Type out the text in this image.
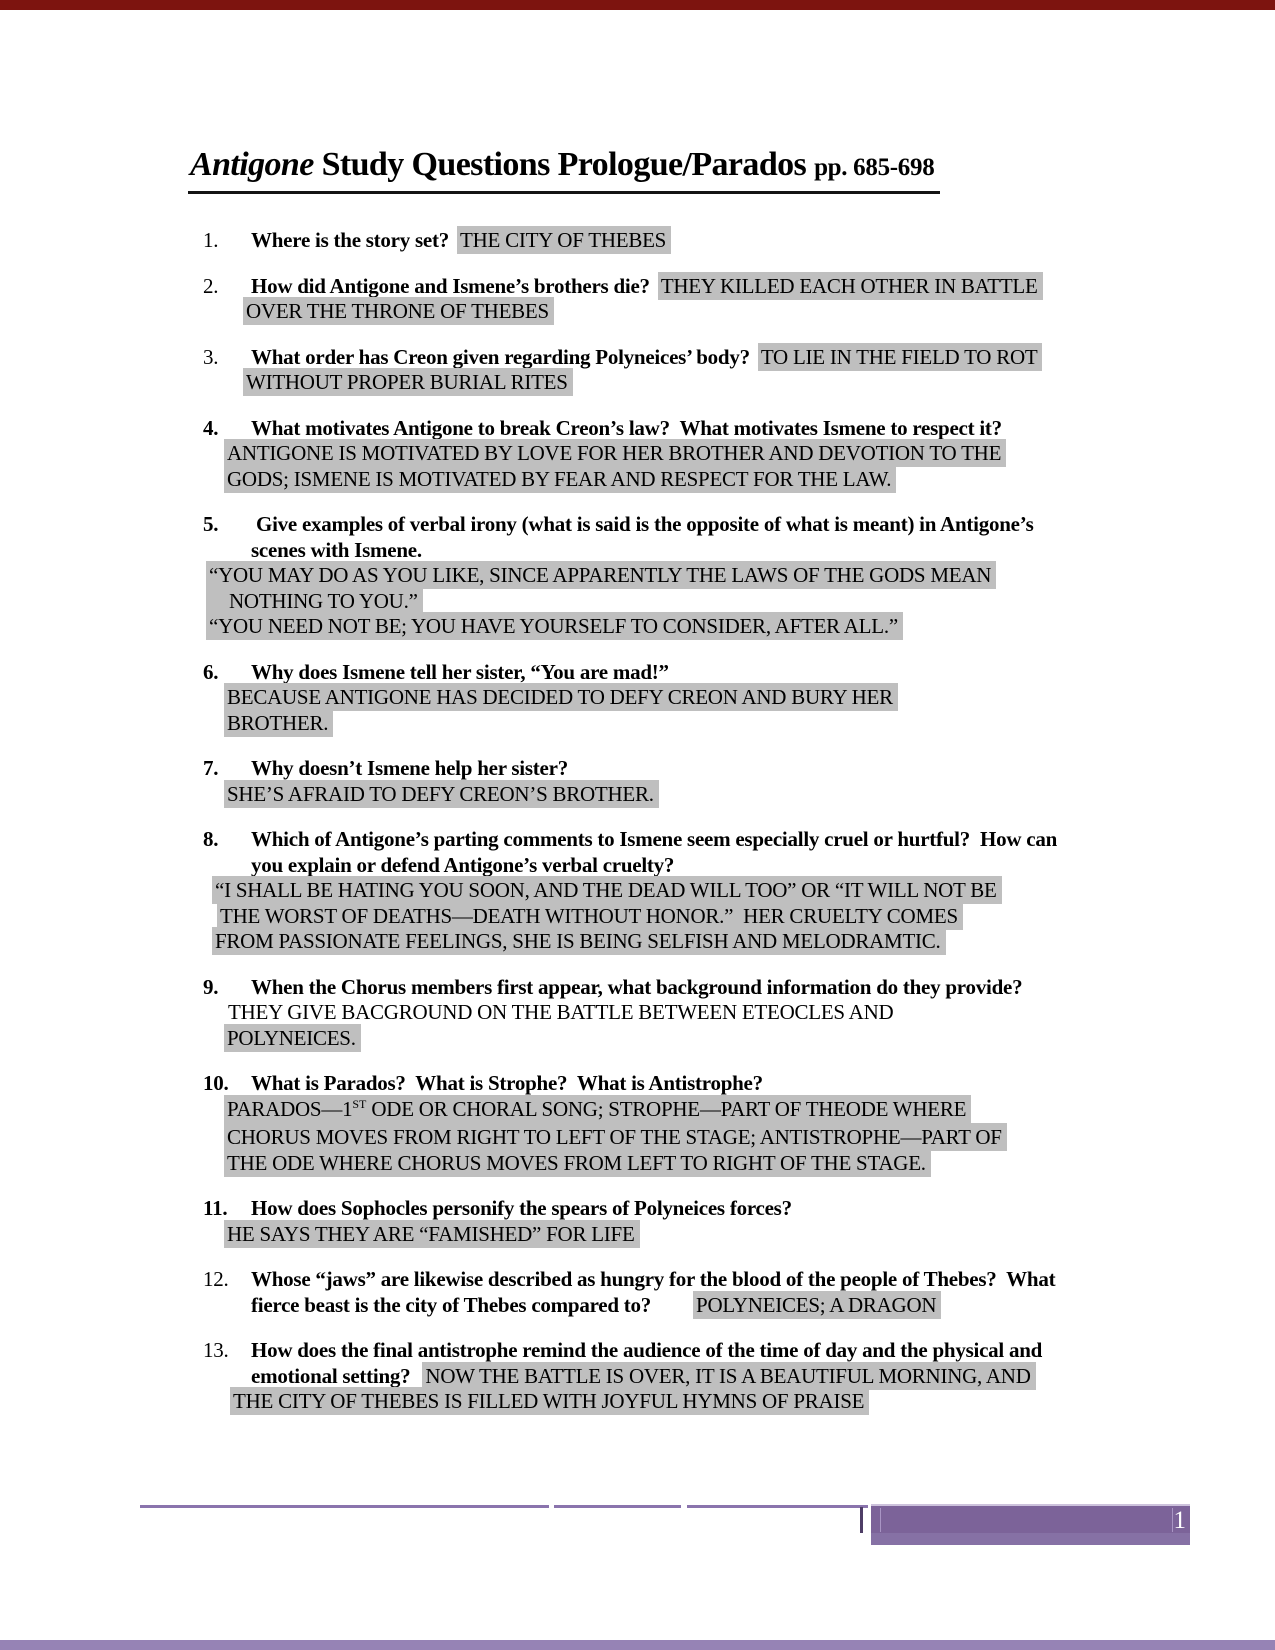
Antigone Study Questions Prologue/Parados pp. 685-698
1. Where is the story set? THE CITY OF THEBES
2. How did Antigone and Ismene’s brothers die? THEY KILLED EACH OTHER IN BATTLE
OVER THE THRONE OF THEBES
3. What order has Creon given regarding Polyneices’ body? TO LIE IN THE FIELD TO ROT
WITHOUT PROPER BURIAL RITES
4. What motivates Antigone to break Creon’s law?  What motivates Ismene to respect it?
ANTIGONE IS MOTIVATED BY LOVE FOR HER BROTHER AND DEVOTION TO THE
GODS; ISMENE IS MOTIVATED BY FEAR AND RESPECT FOR THE LAW.
5. Give examples of verbal irony (what is said is the opposite of what is meant) in Antigone’s
scenes with Ismene.
“YOU MAY DO AS YOU LIKE, SINCE APPARENTLY THE LAWS OF THE GODS MEAN
NOTHING TO YOU.”
“YOU NEED NOT BE; YOU HAVE YOURSELF TO CONSIDER, AFTER ALL.”
6. Why does Ismene tell her sister, “You are mad!”
BECAUSE ANTIGONE HAS DECIDED TO DEFY CREON AND BURY HER
BROTHER.
7. Why doesn’t Ismene help her sister?
SHE’S AFRAID TO DEFY CREON’S BROTHER.
8. Which of Antigone’s parting comments to Ismene seem especially cruel or hurtful?  How can
you explain or defend Antigone’s verbal cruelty?
“I SHALL BE HATING YOU SOON, AND THE DEAD WILL TOO” OR “IT WILL NOT BE
THE WORST OF DEATHS—DEATH WITHOUT HONOR.”  HER CRUELTY COMES
FROM PASSIONATE FEELINGS, SHE IS BEING SELFISH AND MELODRAMTIC.
9. When the Chorus members first appear, what background information do they provide?
THEY GIVE BACGROUND ON THE BATTLE BETWEEN ETEOCLES AND
POLYNEICES.
10. What is Parados?  What is Strophe?  What is Antistrophe?
PARADOS—1ST ODE OR CHORAL SONG; STROPHE—PART OF THEODE WHERE
CHORUS MOVES FROM RIGHT TO LEFT OF THE STAGE; ANTISTROPHE—PART OF
THE ODE WHERE CHORUS MOVES FROM LEFT TO RIGHT OF THE STAGE.
11. How does Sophocles personify the spears of Polyneices forces?
HE SAYS THEY ARE “FAMISHED” FOR LIFE
12. Whose “jaws” are likewise described as hungry for the blood of the people of Thebes?  What
fierce beast is the city of Thebes compared to? POLYNEICES; A DRAGON
13. How does the final antistrophe remind the audience of the time of day and the physical and
emotional setting? NOW THE BATTLE IS OVER, IT IS A BEAUTIFUL MORNING, AND
THE CITY OF THEBES IS FILLED WITH JOYFUL HYMNS OF PRAISE
1
